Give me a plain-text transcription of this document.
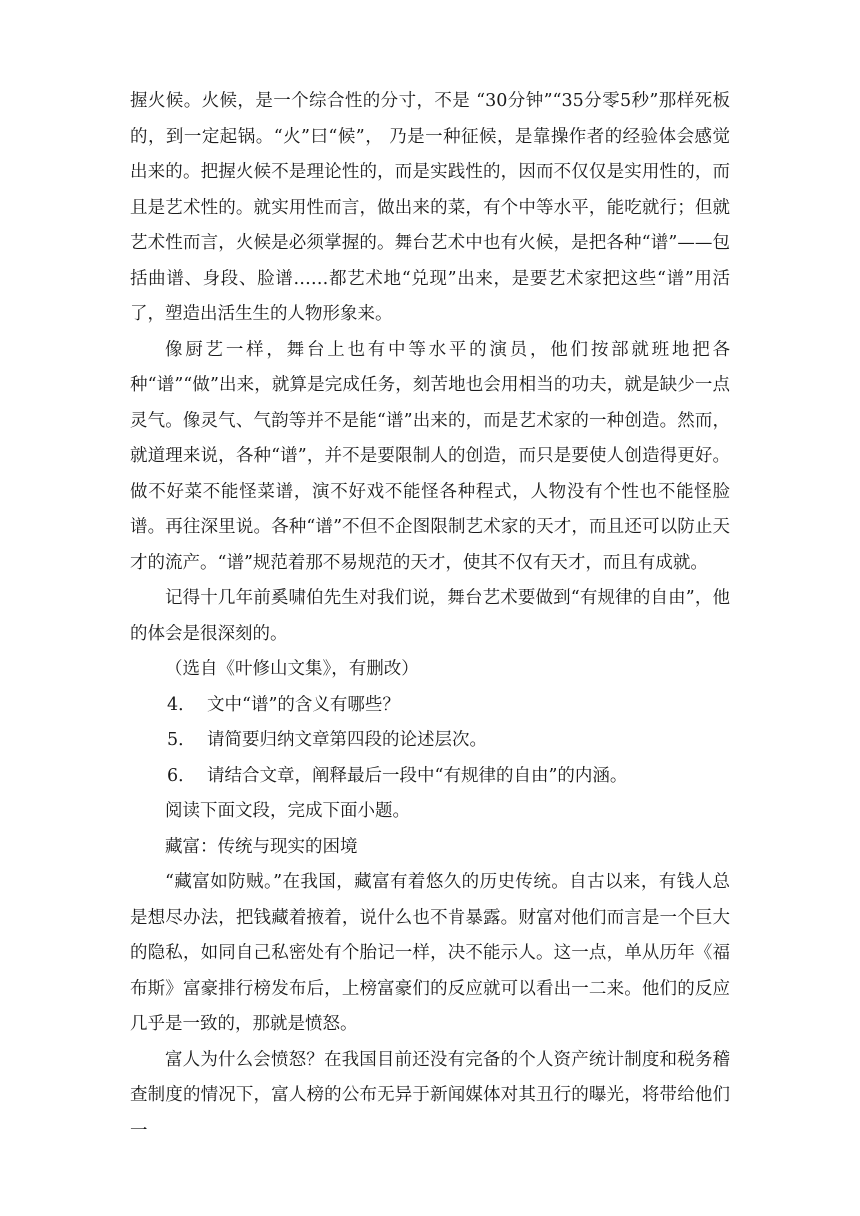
握火候。火候，是一个综合性的分寸，不是 “30分钟”“35分零5秒”那样死板的，到一定起锅。“火”曰“候”， 乃是一种征候，是靠操作者的经验体会感觉出来的。把握火候不是理论性的，而是实践性的，因而不仅仅是实用性的，而且是艺术性的。就实用性而言，做出来的菜，有个中等水平，能吃就行；但就艺术性而言，火候是必须掌握的。舞台艺术中也有火候，是把各种“谱”——包括曲谱、身段、脸谱……都艺术地“兑现”出来，是要艺术家把这些“谱”用活了，塑造出活生生的人物形象来。

像厨艺一样，舞台上也有中等水平的演员，他们按部就班地把各种“谱”“做”出来，就算是完成任务，刻苦地也会用相当的功夫，就是缺少一点灵气。像灵气、气韵等并不是能“谱”出来的，而是艺术家的一种创造。然而，就道理来说，各种“谱”，并不是要限制人的创造，而只是要使人创造得更好。做不好菜不能怪菜谱，演不好戏不能怪各种程式，人物没有个性也不能怪脸谱。再往深里说。各种“谱”不但不企图限制艺术家的天才，而且还可以防止天才的流产。“谱”规范着那不易规范的天才，使其不仅有天才，而且有成就。

记得十几年前奚啸伯先生对我们说，舞台艺术要做到“有规律的自由”，他的体会是很深刻的。

（选自《叶修山文集》，有删改）

4． 文中“谱”的含义有哪些？

5． 请简要归纳文章第四段的论述层次。

6． 请结合文章，阐释最后一段中“有规律的自由”的内涵。

阅读下面文段，完成下面小题。

藏富：传统与现实的困境

“藏富如防贼。”在我国，藏富有着悠久的历史传统。自古以来，有钱人总是想尽办法，把钱藏着掖着，说什么也不肯暴露。财富对他们而言是一个巨大的隐私，如同自己私密处有个胎记一样，决不能示人。这一点，单从历年《福布斯》富豪排行榜发布后，上榜富豪们的反应就可以看出一二来。他们的反应几乎是一致的，那就是愤怒。

富人为什么会愤怒？在我国目前还没有完备的个人资产统计制度和税务稽查制度的情况下，富人榜的公布无异于新闻媒体对其丑行的曝光，将带给他们一
